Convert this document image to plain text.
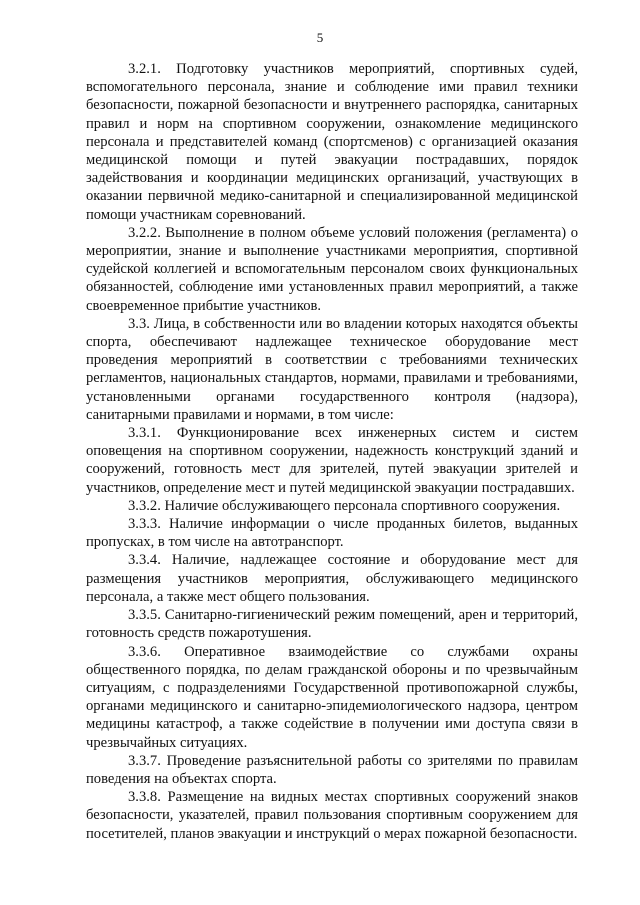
5

3.2.1. Подготовку участников мероприятий, спортивных судей, вспомогательного персонала, знание и соблюдение ими правил техники безопасности, пожарной безопасности и внутреннего распорядка, санитарных правил и норм на спортивном сооружении, ознакомление медицинского персонала и представителей команд (спортсменов) с организацией оказания медицинской помощи и путей эвакуации пострадавших, порядок задействования и координации медицинских организаций, участвующих в оказании первичной медико-санитарной и специализированной медицинской помощи участникам соревнований.

3.2.2. Выполнение в полном объеме условий положения (регламента) о мероприятии, знание и выполнение участниками мероприятия, спортивной судейской коллегией и вспомогательным персоналом своих функциональных обязанностей, соблюдение ими установленных правил мероприятий, а также своевременное прибытие участников.

3.3. Лица, в собственности или во владении которых находятся объекты спорта, обеспечивают надлежащее техническое оборудование мест проведения мероприятий в соответствии с требованиями технических регламентов, национальных стандартов, нормами, правилами и требованиями, установленными органами государственного контроля (надзора), санитарными правилами и нормами, в том числе:

3.3.1. Функционирование всех инженерных систем и систем оповещения на спортивном сооружении, надежность конструкций зданий и сооружений, готовность мест для зрителей, путей эвакуации зрителей и участников, определение мест и путей медицинской эвакуации пострадавших.

3.3.2. Наличие обслуживающего персонала спортивного сооружения.

3.3.3. Наличие информации о числе проданных билетов, выданных пропусках, в том числе на автотранспорт.

3.3.4. Наличие, надлежащее состояние и оборудование мест для размещения участников мероприятия, обслуживающего медицинского персонала, а также мест общего пользования.

3.3.5. Санитарно-гигиенический режим помещений, арен и территорий, готовность средств пожаротушения.

3.3.6. Оперативное взаимодействие со службами охраны общественного порядка, по делам гражданской обороны и по чрезвычайным ситуациям, с подразделениями Государственной противопожарной службы, органами медицинского и санитарно-эпидемиологического надзора, центром медицины катастроф, а также содействие в получении ими доступа связи в чрезвычайных ситуациях.

3.3.7. Проведение разъяснительной работы со зрителями по правилам поведения на объектах спорта.

3.3.8. Размещение на видных местах спортивных сооружений знаков безопасности, указателей, правил пользования спортивным сооружением для посетителей, планов эвакуации и инструкций о мерах пожарной безопасности.
